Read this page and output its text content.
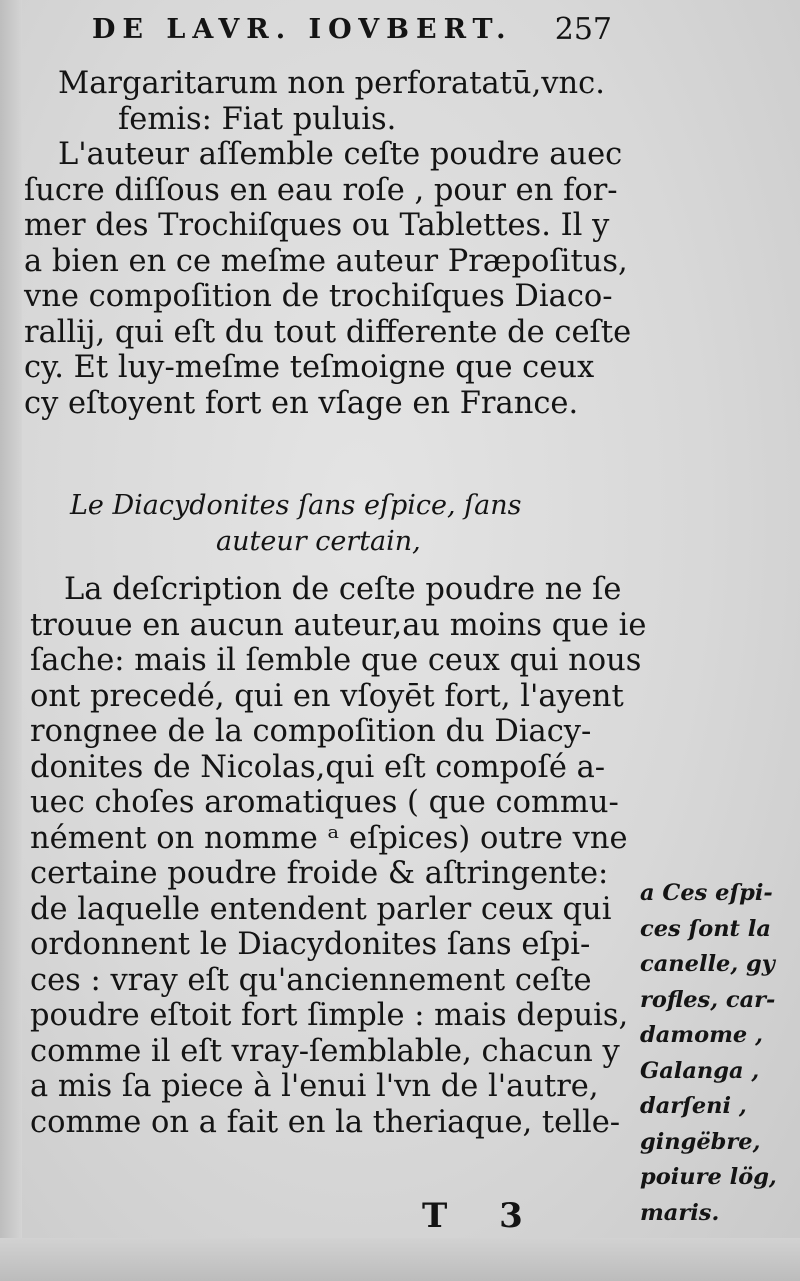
DE LAVR. IOVBERT. 257
Margaritarum non perforatatū,vnc.
femis: Fiat puluis.
L'auteur aſſemble ceſte poudre auec
ſucre diſſous en eau roſe , pour en for-
mer des Trochiſques ou Tablettes. Il y
a bien en ce meſme auteur Præpoſitus,
vne compoſition de trochiſques Diaco-
rallij, qui eſt du tout differente de ceſte
cy. Et luy-meſme teſmoigne que ceux
cy eſtoyent fort en vſage en France.
Le Diacydonites ſans eſpice, ſans
auteur certain,
La deſcription de ceſte poudre ne ſe
trouue en aucun auteur,au moins que ie
ſache: mais il ſemble que ceux qui nous
ont precedé, qui en vſoyēt fort, l'ayent
rongnee de la compoſition du Diacy-
donites de Nicolas,qui eſt compoſé a-
uec choſes aromatiques ( que commu-
nément on nomme ᵃ eſpices) outre vne
certaine poudre froide & aſtringente:
de laquelle entendent parler ceux qui
ordonnent le Diacydonites ſans eſpi-
ces : vray eſt qu'anciennement ceſte
poudre eſtoit fort ſimple : mais depuis,
comme il eſt vray-ſemblable, chacun y
a mis ſa piece à l'enui l'vn de l'autre,
comme on a fait en la theriaque, telle-
a Ces eſpi-
ces ſont la
canelle, gy
rofles, car-
damome ,
Galanga ,
darſeni ,
gingëbre,
poiure lög,
maris.
T 3
